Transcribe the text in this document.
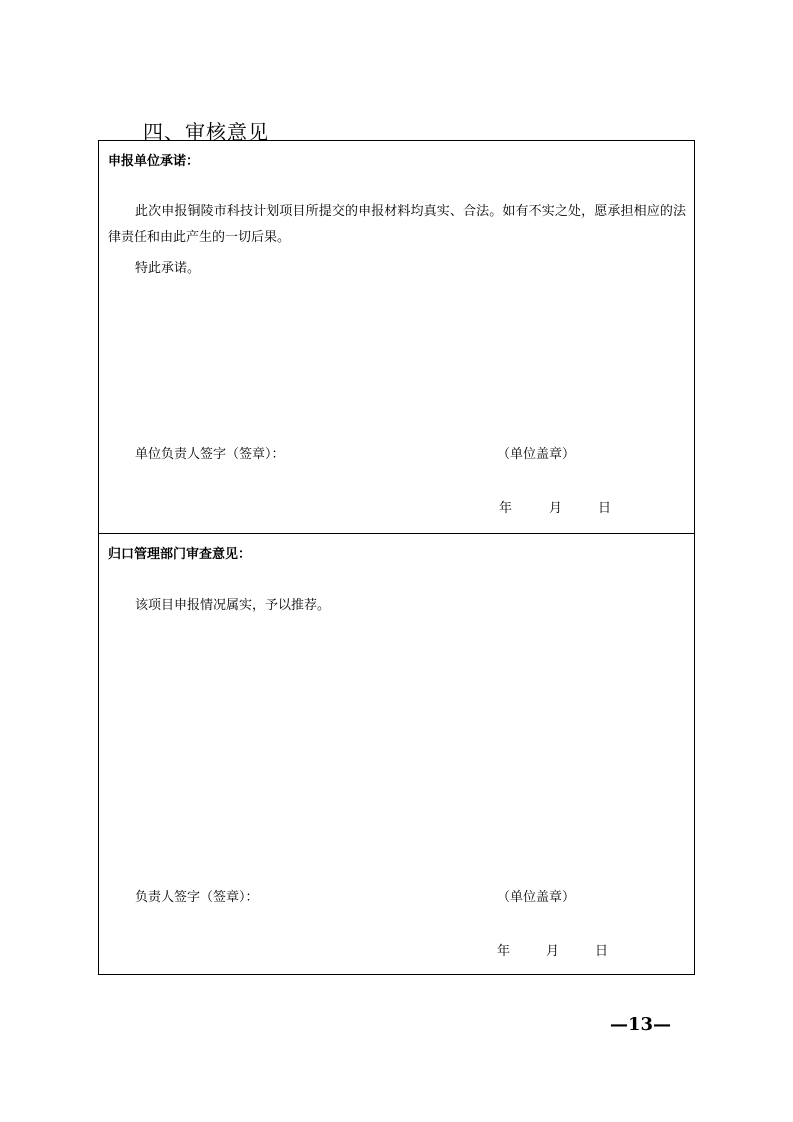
四、审核意见
申报单位承诺：
此次申报铜陵市科技计划项目所提交的申报材料均真实、合法。如有不实之处，愿承担相应的法律责任和由此产生的一切后果。
特此承诺。
单位负责人签字（签章）：	（单位盖章）
年	月	日
归口管理部门审查意见：
该项目申报情况属实，予以推荐。
负责人签字（签章）：	（单位盖章）
年	月	日
—13—
